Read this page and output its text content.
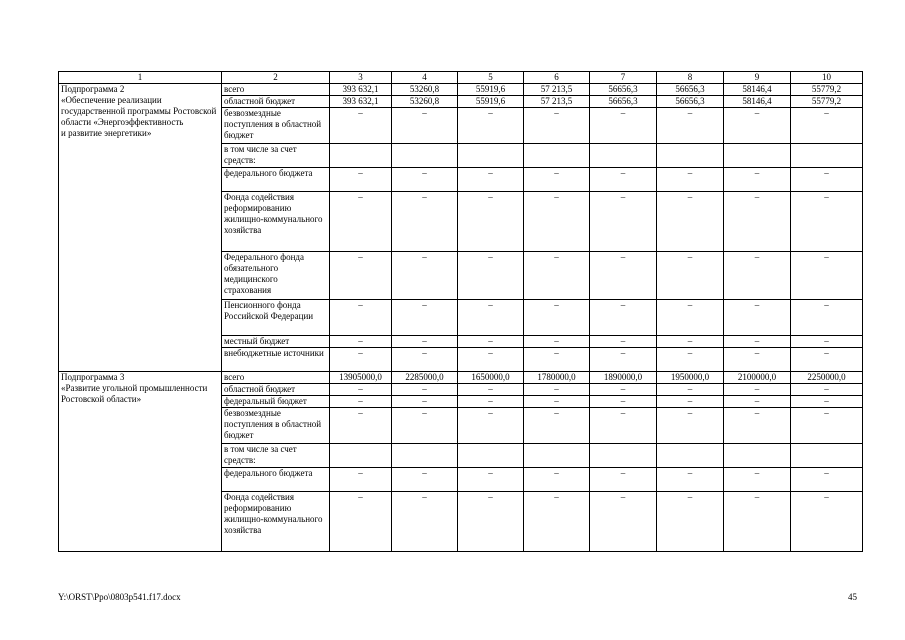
1	2	3	4	5	6	7	8	9	10
Подпрограмма 2
«Обеспечение реализации государственной программы Ростовской области «Энергоэффективность
и развитие энергетики»	всего	393 632,1	53260,8	55919,6	57 213,5	56656,3	56656,3	58146,4	55779,2
	областной бюджет	393 632,1	53260,8	55919,6	57 213,5	56656,3	56656,3	58146,4	55779,2
	безвозмездные поступления в областной бюджет	–	–	–	–	–	–	–	–
	в том числе за счет средств:								
	федерального бюджета	–	–	–	–	–	–	–	–
	Фонда содействия реформированию жилищно-коммунального хозяйства	–	–	–	–	–	–	–	–
	Федерального фонда обязательного медицинского страхования	–	–	–	–	–	–	–	–
	Пенсионного фонда Российской Федерации	–	–	–	–	–	–	–	–
	местный бюджет	–	–	–	–	–	–	–	–
	внебюджетные источники	–	–	–	–	–	–	–	–
Подпрограмма 3
«Развитие угольной промышленности Ростовской области»	всего	13905000,0	2285000,0	1650000,0	1780000,0	1890000,0	1950000,0	2100000,0	2250000,0
	областной бюджет	–	–	–	–	–	–	–	–
	федеральный бюджет	–	–	–	–	–	–	–	–
	безвозмездные поступления в областной бюджет	–	–	–	–	–	–	–	–
	в том числе за счет средств:								
	федерального бюджета	–	–	–	–	–	–	–	–
	Фонда содействия реформированию жилищно-коммунального хозяйства	–	–	–	–	–	–	–	–
Y:\ORST\Ppo\0803p541.f17.docx	45
